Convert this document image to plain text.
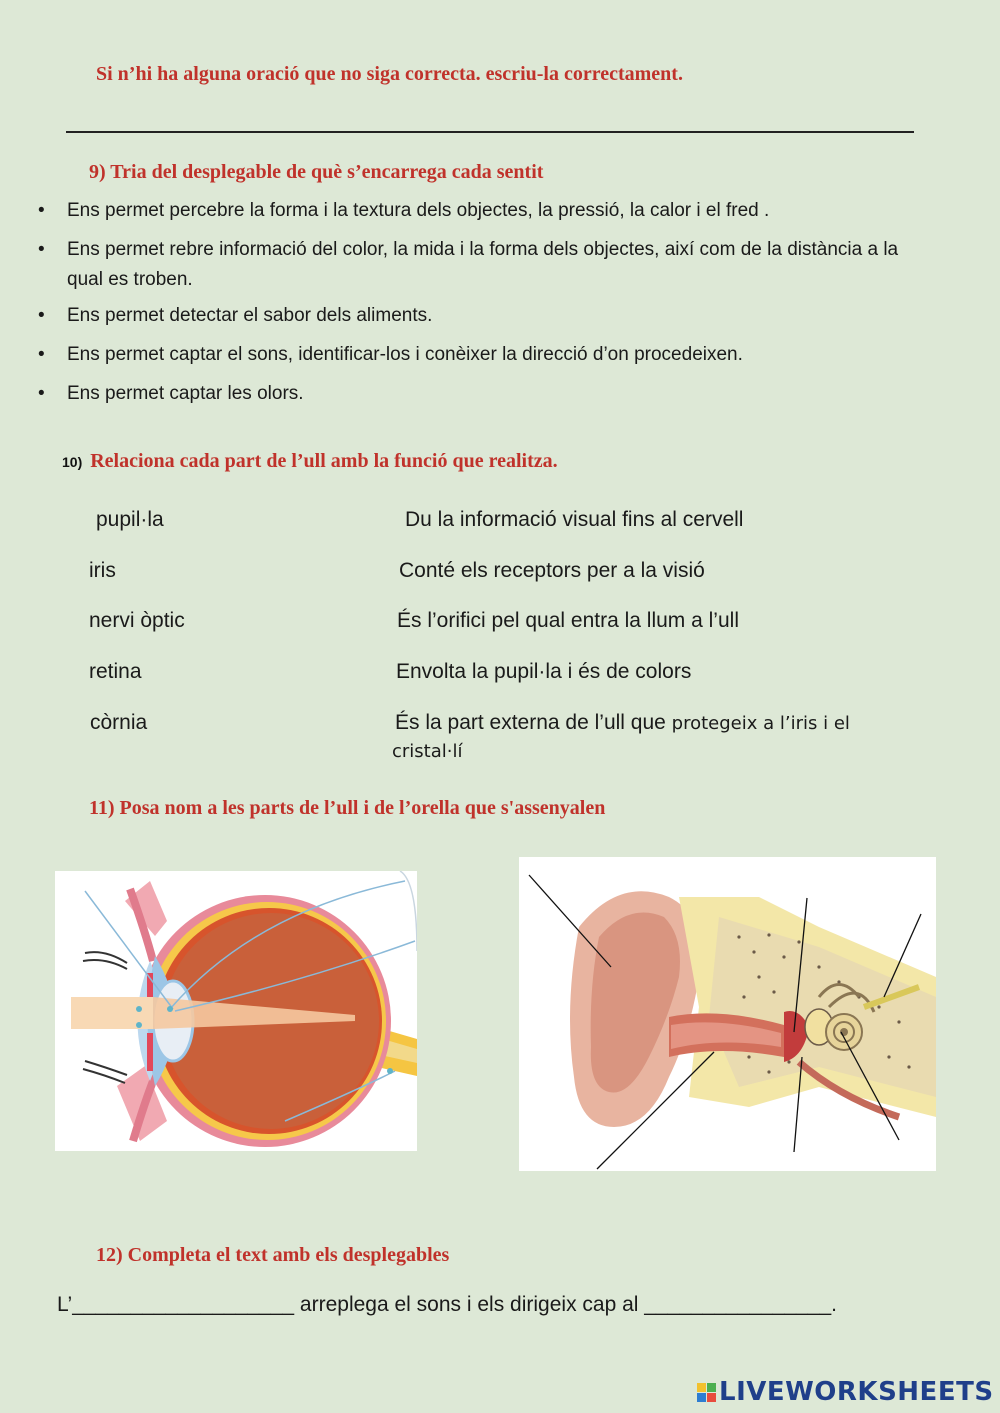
Si n’hi ha alguna oració que no siga correcta. escriu-la correctament.
9) Tria del desplegable de què s’encarrega cada sentit
• Ens permet percebre la forma i la textura dels objectes, la pressió, la calor i el fred .
• Ens permet rebre informació del color, la mida i la forma dels objectes, així com de la distància a la qual es troben.
• Ens permet detectar el sabor dels aliments.
• Ens permet captar el sons, identificar-los i conèixer la direcció d’on procedeixen.
• Ens permet captar les olors.
10) Relaciona cada part de l’ull amb la funció que realitza.
pupil·la	Du la informació visual fins al cervell
iris	Conté els receptors per a la visió
nervi òptic	És l’orifici pel qual entra la llum a l’ull
retina	Envolta la pupil·la i és de colors
còrnia	És la part externa de l’ull que protegeix a l’iris i el
cristal·lí
11) Posa nom a les parts de l’ull i de l’orella que s'assenyalen
12) Completa el text amb els desplegables
L’___________________ arreplega el sons i els dirigeix cap al ________________.
LIVEWORKSHEETS
